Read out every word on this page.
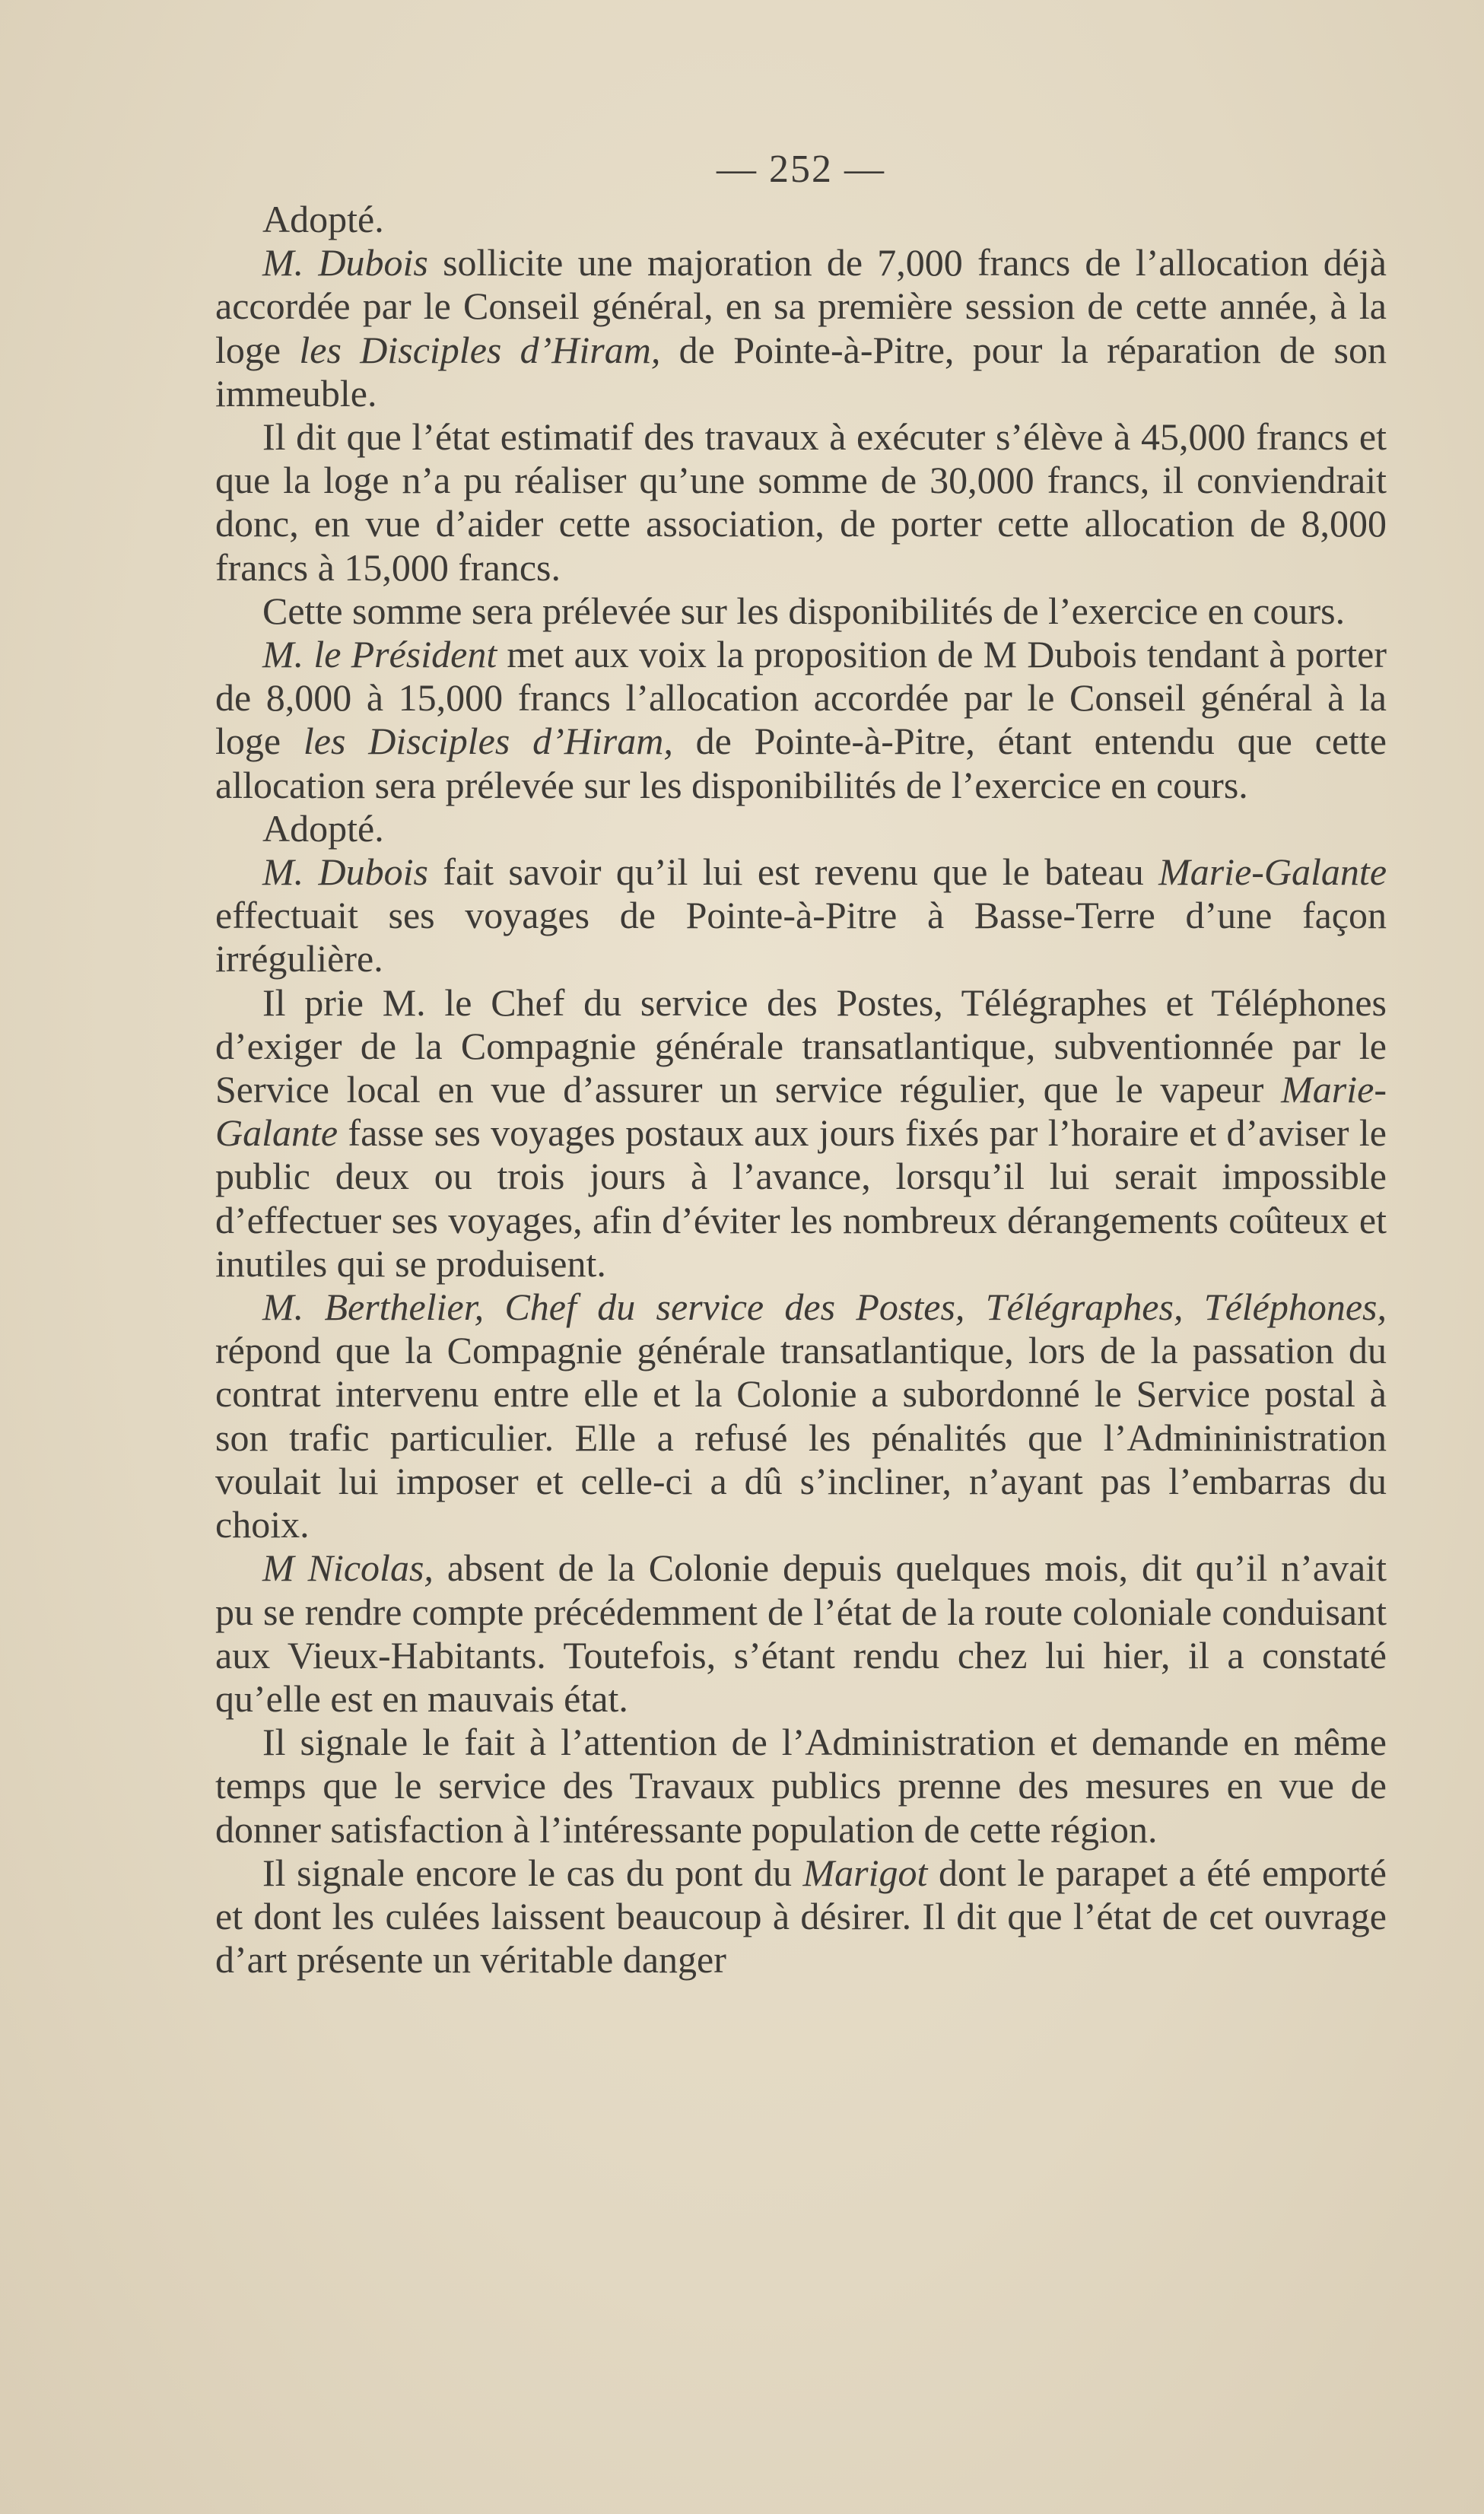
— 252 —

Adopté.

M. Dubois sollicite une majoration de 7,000 francs de l’allocation déjà accordée par le Conseil général, en sa première session de cette année, à la loge les Disciples d’Hiram, de Pointe-à-Pitre, pour la réparation de son immeuble.

Il dit que l’état estimatif des travaux à exécuter s’élève à 45,000 francs et que la loge n’a pu réaliser qu’une somme de 30,000 francs, il conviendrait donc, en vue d’aider cette association, de porter cette allocation de 8,000 francs à 15,000 francs.

Cette somme sera prélevée sur les disponibilités de l’exercice en cours.

M. le Président met aux voix la proposition de M Dubois tendant à porter de 8,000 à 15,000 francs l’allocation accordée par le Conseil général à la loge les Disciples d’Hiram, de Pointe-à-Pitre, étant entendu que cette allocation sera prélevée sur les disponibilités de l’exercice en cours.

Adopté.

M. Dubois fait savoir qu’il lui est revenu que le bateau Marie-Galante effectuait ses voyages de Pointe-à-Pitre à Basse-Terre d’une façon irrégulière.

Il prie M. le Chef du service des Postes, Télégraphes et Téléphones d’exiger de la Compagnie générale transatlantique, subventionnée par le Service local en vue d’assurer un service régulier, que le vapeur Marie-Galante fasse ses voyages postaux aux jours fixés par l’horaire et d’aviser le public deux ou trois jours à l’avance, lorsqu’il lui serait impossible d’effectuer ses voyages, afin d’éviter les nombreux dérangements coûteux et inutiles qui se produisent.

M. Berthelier, Chef du service des Postes, Télégraphes, Téléphones, répond que la Compagnie générale transatlantique, lors de la passation du contrat intervenu entre elle et la Colonie a subordonné le Service postal à son trafic particulier. Elle a refusé les pénalités que l’Admininistration voulait lui imposer et celle-ci a dû s’incliner, n’ayant pas l’embarras du choix.

M Nicolas, absent de la Colonie depuis quelques mois, dit qu’il n’avait pu se rendre compte précédemment de l’état de la route coloniale conduisant aux Vieux-Habitants. Toutefois, s’étant rendu chez lui hier, il a constaté qu’elle est en mauvais état.

Il signale le fait à l’attention de l’Administration et demande en même temps que le service des Travaux publics prenne des mesures en vue de donner satisfaction à l’intéressante population de cette région.

Il signale encore le cas du pont du Marigot dont le parapet a été emporté et dont les culées laissent beaucoup à désirer. Il dit que l’état de cet ouvrage d’art présente un véritable danger
